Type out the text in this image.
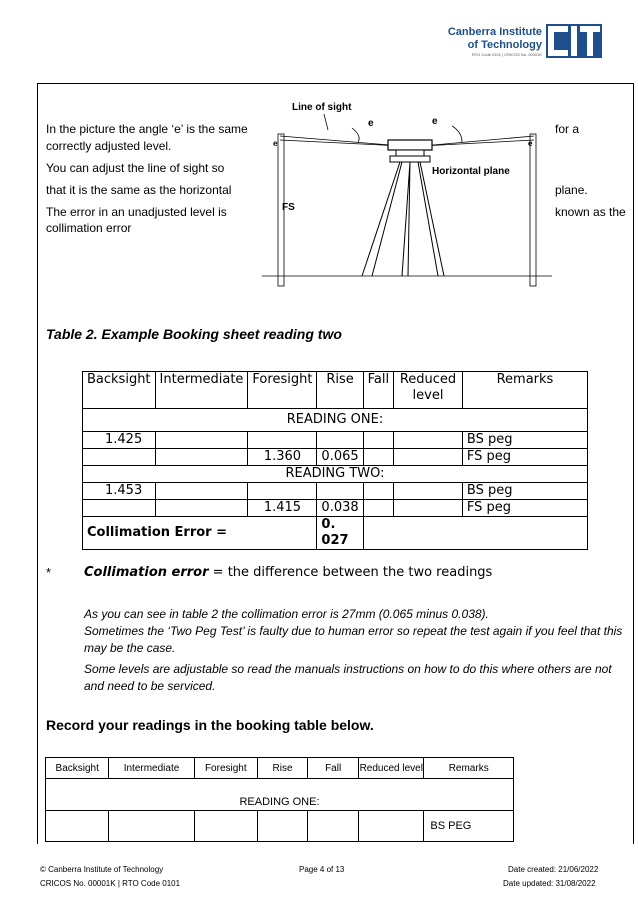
Canberra Institute
of Technology
RTO Code 0101 | CRICOS No. 00001K
In the picture the angle ‘e’ is the same	for a
correctly adjusted level.
You can adjust the line of sight so
that it is the same as the horizontal	plane.
The error in an unadjusted level is	known as the
collimation error
Line of sight
e	e
e	e
Horizontal plane
FS
Table 2. Example Booking sheet reading two
Backsight	Intermediate	Foresight	Rise	Fall	Reduced level	Remarks
READING ONE:						
1.425						BS peg
		1.360	0.065			FS peg
READING TWO:						
1.453						BS peg
		1.415	0.038			FS peg
Collimation Error =			0. 027			
*	Collimation error = the difference between the two readings
As you can see in table 2 the collimation error is 27mm (0.065 minus 0.038).
Sometimes the ‘Two Peg Test’ is faulty due to human error so repeat the test again if you feel that this may be the case.
Some levels are adjustable so read the manuals instructions on how to do this where others are not and need to be serviced.
Record your readings in the booking table below.
Backsight	Intermediate	Foresight	Rise	Fall	Reduced level	Remarks
READING ONE:						
						BS PEG
© Canberra Institute of Technology
CRICOS No. 00001K | RTO Code 0101
Page 4 of 13	Date created: 21/06/2022
Date updated: 31/08/2022
